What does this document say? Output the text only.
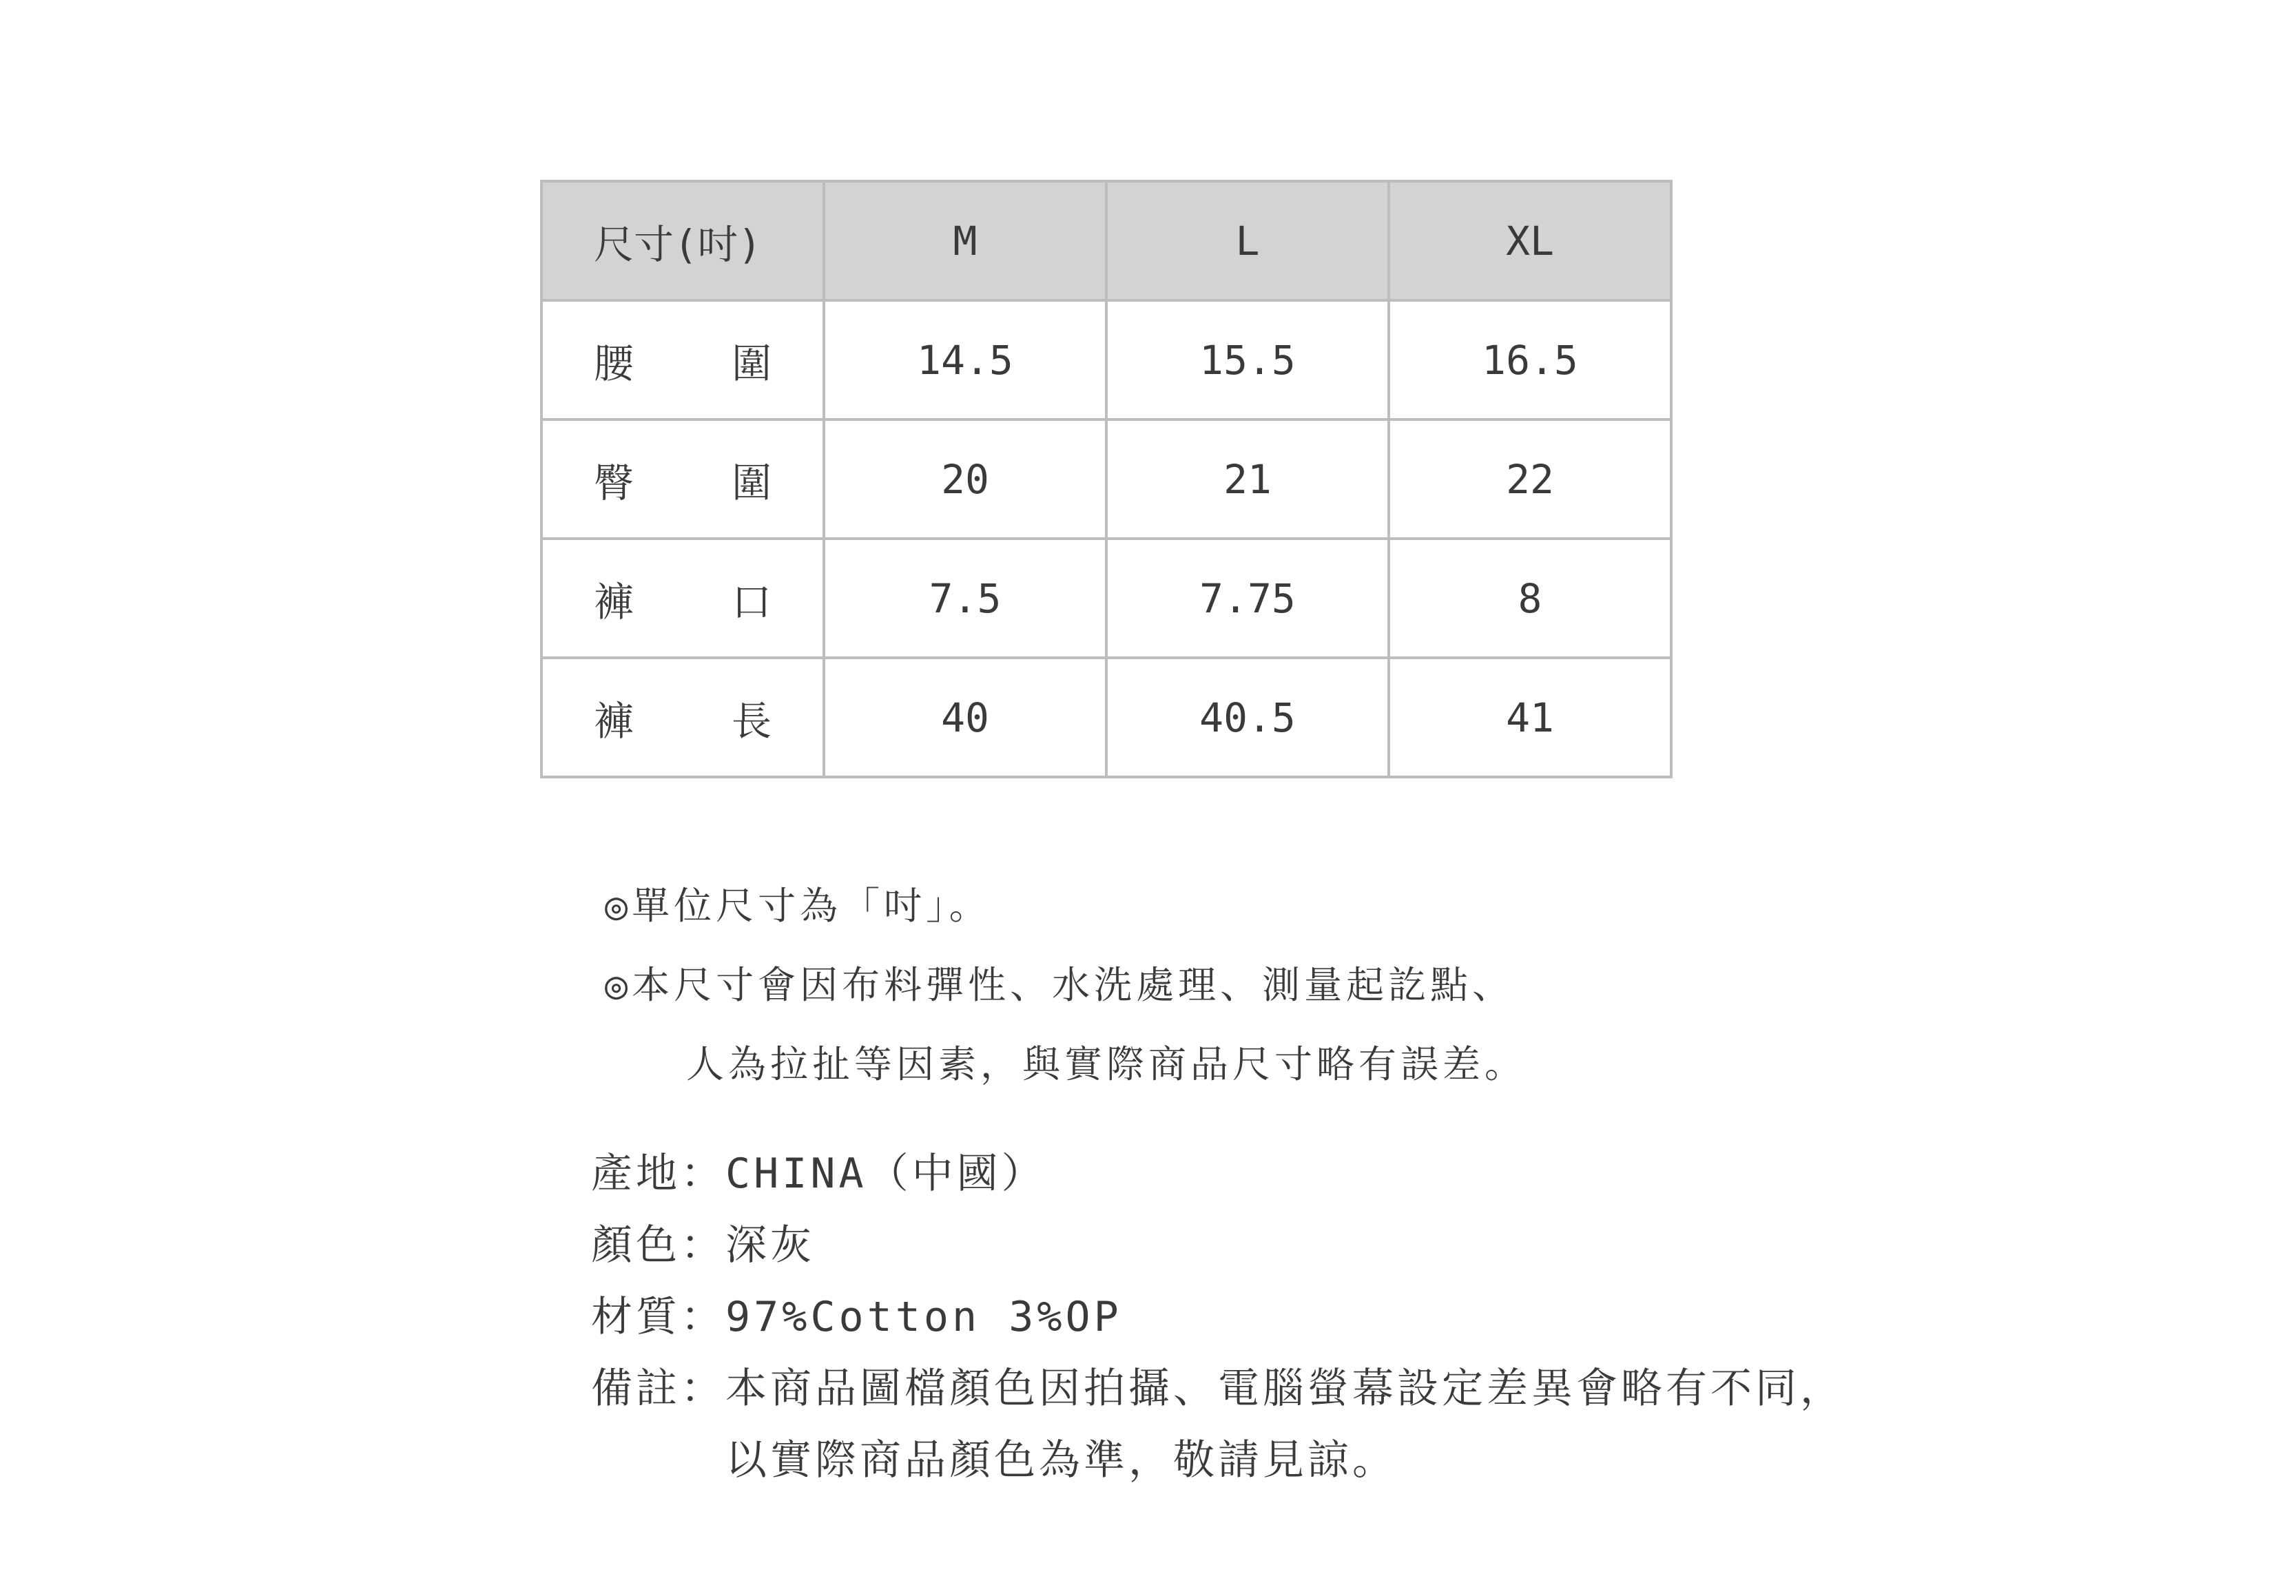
尺寸(吋)	M	L	XL

腰 圍	14.5	15.5	16.5

臀 圍	20	21	22

褲 口	7.5	7.75	8

褲 長	40	40.5	41
◎單位尺寸為「吋」。
◎本尺寸會因布料彈性、水洗處理、測量起訖點、
人為拉扯等因素，與實際商品尺寸略有誤差。
產地：CHINA（中國）
顏色：深灰
材質：97%Cotton 3%OP
備註： 本商品圖檔顏色因拍攝、電腦螢幕設定差異會略有不同，
以實際商品顏色為準，敬請見諒。
